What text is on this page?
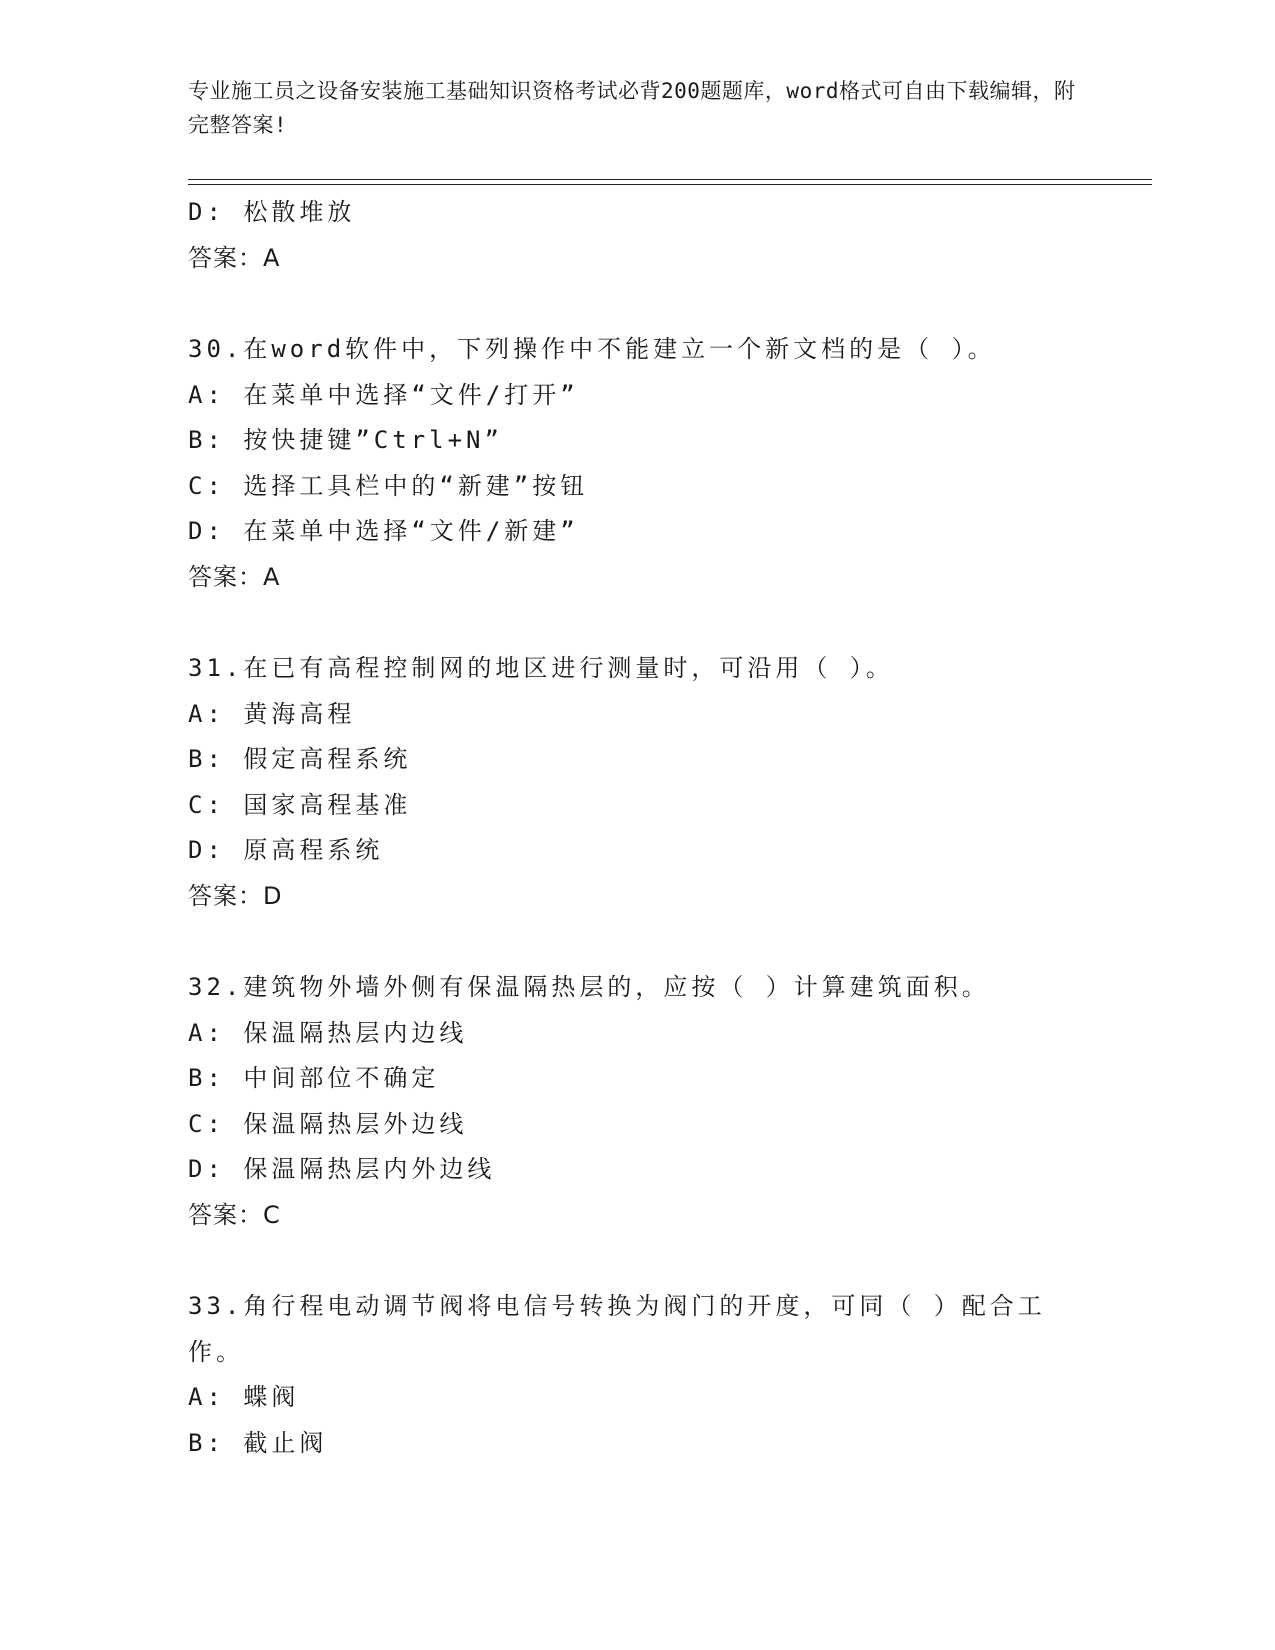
专业施工员之设备安装施工基础知识资格考试必背200题题库，word格式可自由下载编辑，附完整答案!
D: 松散堆放
答案：A
30.在word软件中，下列操作中不能建立一个新文档的是（ ）。
A: 在菜单中选择“文件/打开”
B: 按快捷键”Ctrl+N”
C: 选择工具栏中的“新建”按钮
D: 在菜单中选择“文件/新建”
答案：A
31.在已有高程控制网的地区进行测量时，可沿用（ ）。
A: 黄海高程
B: 假定高程系统
C: 国家高程基准
D: 原高程系统
答案：D
32.建筑物外墙外侧有保温隔热层的，应按（ ）计算建筑面积。
A: 保温隔热层内边线
B: 中间部位不确定
C: 保温隔热层外边线
D: 保温隔热层内外边线
答案：C
33.角行程电动调节阀将电信号转换为阀门的开度，可同（ ）配合工作。
A: 蝶阀
B: 截止阀
